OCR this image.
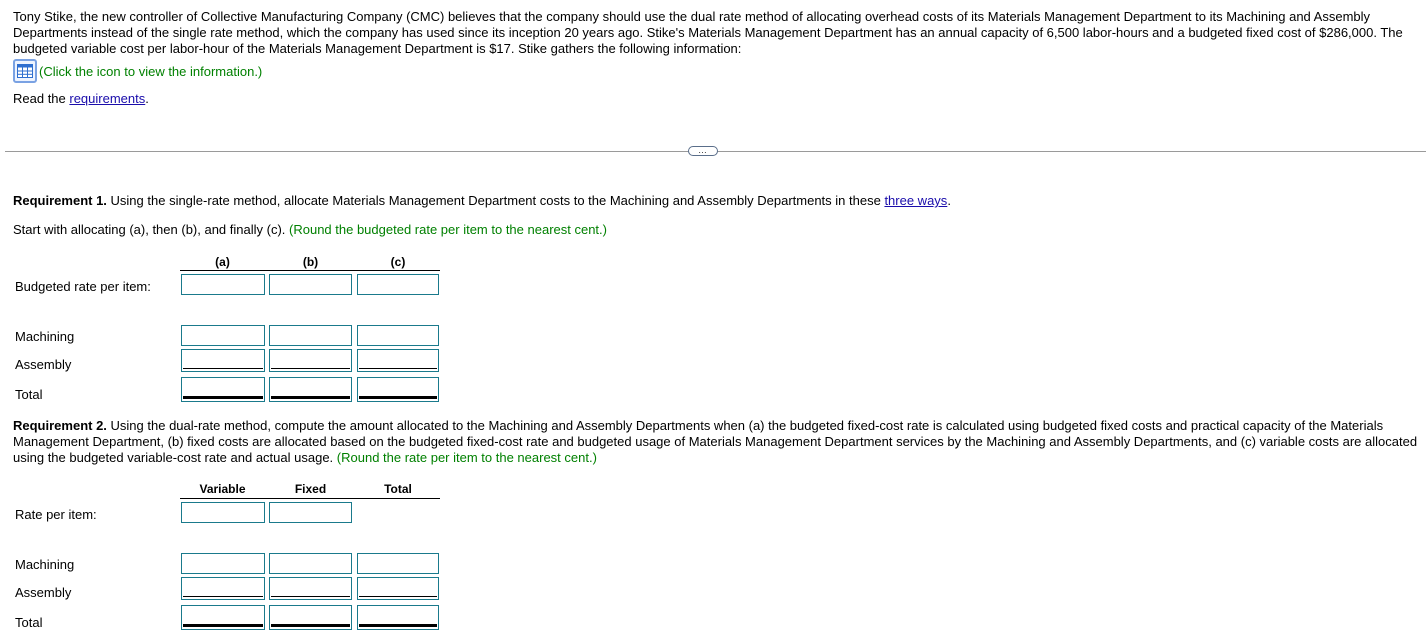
Tony Stike, the new controller of Collective Manufacturing Company (CMC) believes that the company should use the dual rate method of allocating overhead costs of its Materials Management Department to its Machining and Assembly Departments instead of the single rate method, which the company has used since its inception 20 years ago. Stike's Materials Management Department has an annual capacity of 6,500 labor-hours and a budgeted fixed cost of $286,000. The budgeted variable cost per labor-hour of the Materials Management Department is $17. Stike gathers the following information:
(Click the icon to view the information.)
Read the requirements.
…
Requirement 1. Using the single-rate method, allocate Materials Management Department costs to the Machining and Assembly Departments in these three ways.
Start with allocating (a), then (b), and finally (c). (Round the budgeted rate per item to the nearest cent.)
(a)	(b)	(c)
Budgeted rate per item:
Machining
Assembly
Total
Requirement 2. Using the dual-rate method, compute the amount allocated to the Machining and Assembly Departments when (a) the budgeted fixed-cost rate is calculated using budgeted fixed costs and practical capacity of the Materials Management Department, (b) fixed costs are allocated based on the budgeted fixed-cost rate and budgeted usage of Materials Management Department services by the Machining and Assembly Departments, and (c) variable costs are allocated using the budgeted variable-cost rate and actual usage. (Round the rate per item to the nearest cent.)
Variable	Fixed	Total
Rate per item:
Machining
Assembly
Total
